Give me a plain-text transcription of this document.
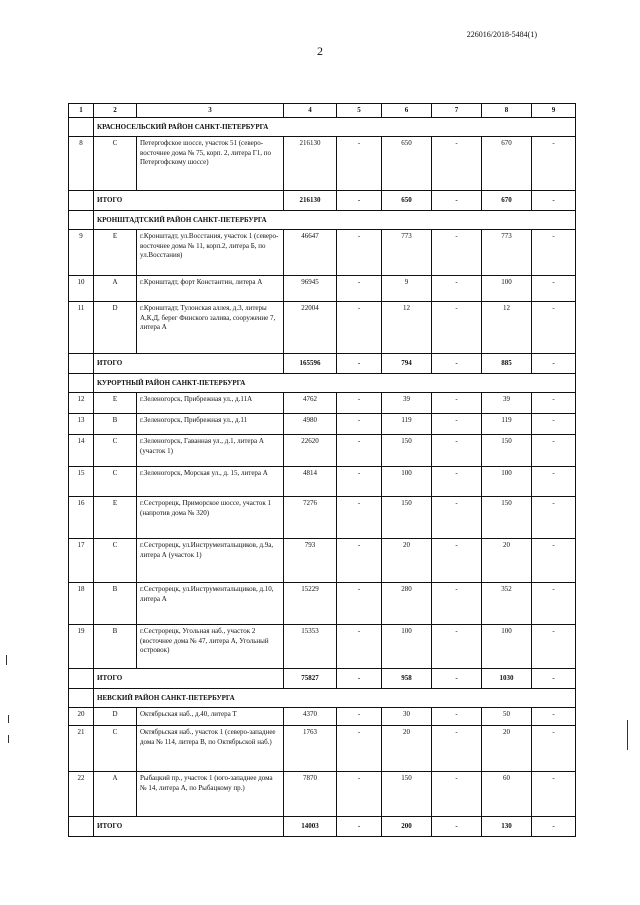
226016/2018-5484(1)
2
1	2	3	4	5	6	7	8	9
	КРАСНОСЕЛЬСКИЙ РАЙОН САНКТ-ПЕТЕРБУРГА							
8	C	Петергофское шоссе, участок 51 (северо-восточнее дома № 75, корп. 2, литера Г1, по Петергофскому шоссе)	216130	-	650	-	670	-
	ИТОГО		216130	-	650	-	670	-
	КРОНШТАДТСКИЙ РАЙОН САНКТ-ПЕТЕРБУРГА							
9	E	г.Кронштадт, ул.Восстания, участок 1 (северо-восточнее дома № 11, корп.2, литера Б, по ул.Восстания)	46647	-	773	-	773	-
10	A	г.Кронштадт, форт Константин, литера А	96945	-	9	-	100	-
11	D	г.Кронштадт, Тулонская аллея, д.3, литеры А,К,Д, берег Финского залива, сооружение 7, литера А	22004	-	12	-	12	-
	ИТОГО		165596	-	794	-	885	-
	КУРОРТНЫЙ РАЙОН САНКТ-ПЕТЕРБУРГА							
12	E	г.Зеленогорск, Прибрежная ул., д.11А	4762	-	39	-	39	-
13	B	г.Зеленогорск, Прибрежная ул., д.11	4980	-	119	-	119	-
14	C	г.Зеленогорск, Гаванная ул., д.1, литера А (участок 1)	22620	-	150	-	150	-
15	C	г.Зеленогорск, Морская ул., д. 15, литера А	4814	-	100	-	100	-
16	E	г.Сестрорецк, Приморское шоссе, участок 1 (напротив дома № 320)	7276	-	150	-	150	-
17	C	г.Сестрорецк, ул.Инструментальщиков, д.9а, литера А (участок 1)	793	-	20	-	20	-
18	B	г.Сестрорецк, ул.Инструментальщиков, д.10, литера А	15229	-	280	-	352	-
19	B	г.Сестрорецк, Угольная наб., участок 2 (восточнее дома № 47, литера А, Угольный островок)	15353	-	100	-	100	-
	ИТОГО		75827	-	958	-	1030	-
	НЕВСКИЙ РАЙОН САНКТ-ПЕТЕРБУРГА							
20	D	Октябрьская наб., д.40, литера Т	4370	-	30	-	50	-
21	C	Октябрьская наб., участок 1 (северо-западнее дома № 114, литера В, по Октябрьской наб.)	1763	-	20	-	20	-
22	A	Рыбацкий пр., участок 1 (юго-западнее дома № 14, литера А, по Рыбацкому пр.)	7870	-	150	-	60	-
	ИТОГО		14003	-	200	-	130	-
